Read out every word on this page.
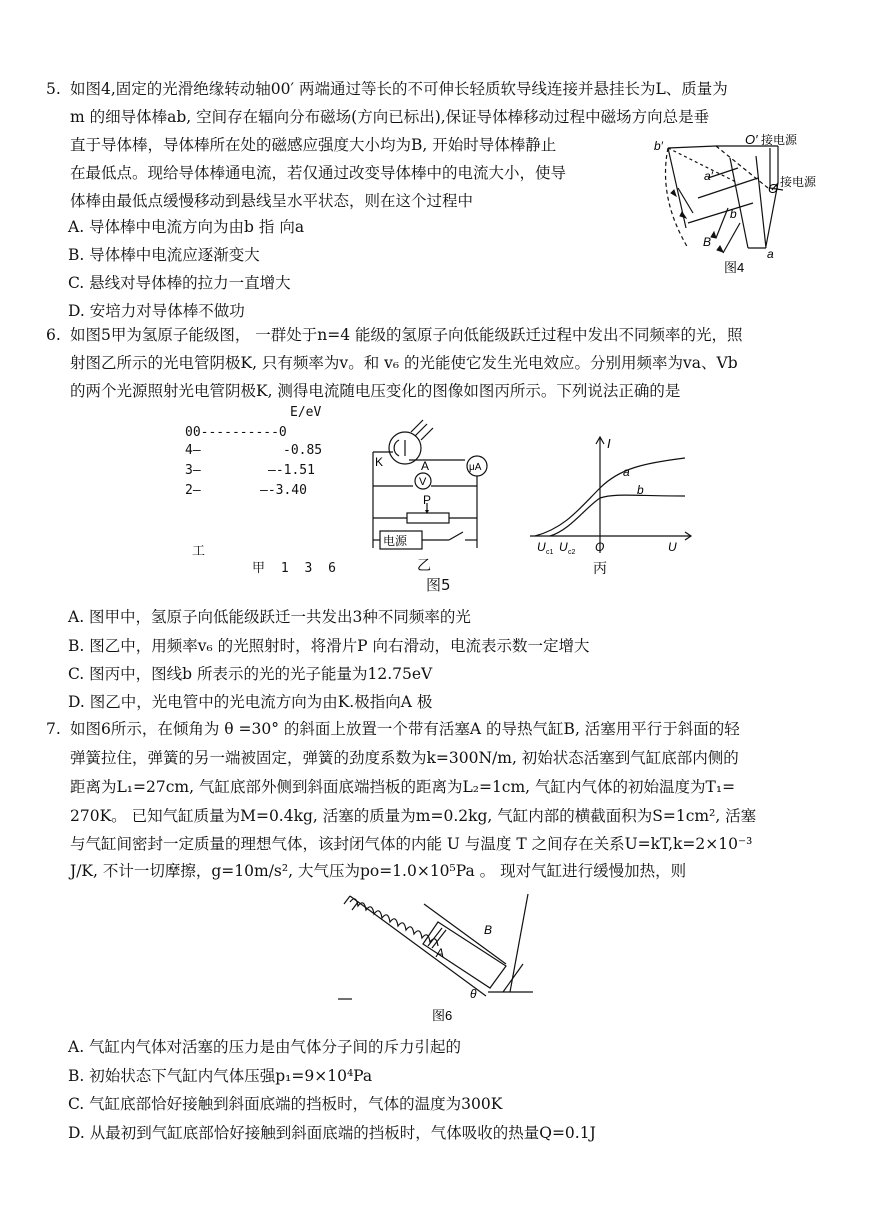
5. 如图4,固定的光滑绝缘转动轴00′ 两端通过等长的不可伸长轻质软导线连接并悬挂长为L、质量为
m 的细导体棒ab, 空间存在辐向分布磁场(方向已标出),保证导体棒移动过程中磁场方向总是垂
直于导体棒，导体棒所在处的磁感应强度大小均为B, 开始时导体棒静止
在最低点。现给导体棒通电流，若仅通过改变导体棒中的电流大小，使导
体棒由最低点缓慢移动到悬线呈水平状态，则在这个过程中
A. 导体棒中电流方向为由b 指 向a
B. 导体棒中电流应逐渐变大
C. 悬线对导体棒的拉力一直增大
D. 安培力对导体棒不做功
O′ 接电源
O 接电源
b′
a′
b
B
a
图4
6. 如图5甲为氢原子能级图， 一群处于n=4 能级的氢原子向低能级跃迁过程中发出不同频率的光，照
射图乙所示的光电管阴极K, 只有频率为v。和 v₆ 的光能使它发生光电效应。分别用频率为va、Vb
的两个光源照射光电管阴极K, 测得电流随电压变化的图像如图丙所示。下列说法正确的是
E/eV
00----------0
4—	-0.85
3—	—-1.51
2—	—-3.40
工
甲 1 3 6
K	A	μA
V
P
电源
乙
I
a
b
U c1 U c2 O	U
丙
图5
A. 图甲中，氢原子向低能级跃迁一共发出3种不同频率的光
B. 图乙中，用频率v₆ 的光照射时，将滑片P 向右滑动，电流表示数一定增大
C. 图丙中，图线b 所表示的光的光子能量为12.75eV
D. 图乙中，光电管中的光电流方向为由K.极指向A 极
7. 如图6所示，在倾角为 θ =30° 的斜面上放置一个带有活塞A 的导热气缸B, 活塞用平行于斜面的轻
弹簧拉住，弹簧的另一端被固定，弹簧的劲度系数为k=300N/m, 初始状态活塞到气缸底部内侧的
距离为L₁=27cm, 气缸底部外侧到斜面底端挡板的距离为L₂=1cm, 气缸内气体的初始温度为T₁=
270K。 已知气缸质量为M=0.4kg, 活塞的质量为m=0.2kg, 气缸内部的横截面积为S=1cm², 活塞
与气缸间密封一定质量的理想气体，该封闭气体的内能 U 与温度 T 之间存在关系U=kT,k=2×10⁻³
J/K, 不计一切摩擦，g=10m/s², 大气压为po=1.0×10⁵Pa 。 现对气缸进行缓慢加热，则
A
B
θ
图6
A. 气缸内气体对活塞的压力是由气体分子间的斥力引起的
B. 初始状态下气缸内气体压强p₁=9×10⁴Pa
C. 气缸底部恰好接触到斜面底端的挡板时，气体的温度为300K
D. 从最初到气缸底部恰好接触到斜面底端的挡板时，气体吸收的热量Q=0.1J
